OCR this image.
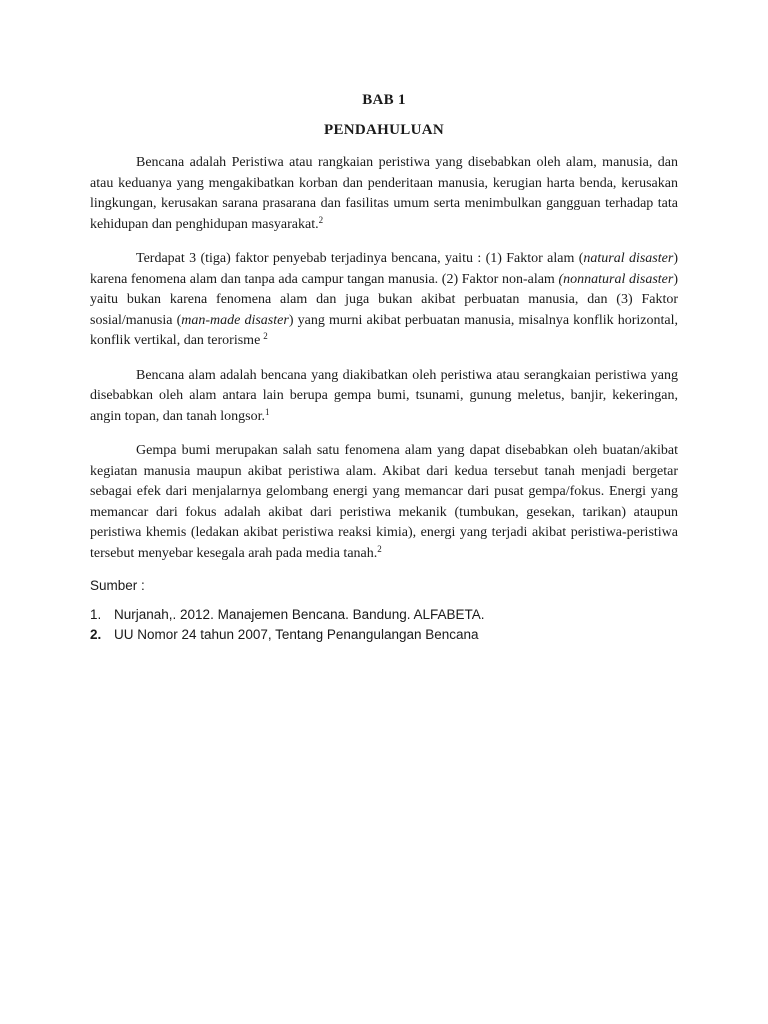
BAB 1
PENDAHULUAN

Bencana adalah Peristiwa atau rangkaian peristiwa yang disebabkan oleh alam, manusia, dan atau keduanya yang mengakibatkan korban dan penderitaan manusia, kerugian harta benda, kerusakan lingkungan, kerusakan sarana prasarana dan fasilitas umum serta menimbulkan gangguan terhadap tata kehidupan dan penghidupan masyarakat.$^2$

Terdapat 3 (tiga) faktor penyebab terjadinya bencana, yaitu : (1) Faktor alam (natural disaster) karena fenomena alam dan tanpa ada campur tangan manusia. (2) Faktor non-alam (nonnatural disaster) yaitu bukan karena fenomena alam dan juga bukan akibat perbuatan manusia, dan (3) Faktor sosial/manusia (man-made disaster) yang murni akibat perbuatan manusia, misalnya konflik horizontal, konflik vertikal, dan terorisme $^2$

Bencana alam adalah bencana yang diakibatkan oleh peristiwa atau serangkaian peristiwa yang disebabkan oleh alam antara lain berupa gempa bumi, tsunami, gunung meletus, banjir, kekeringan, angin topan, dan tanah longsor.$^1$

Gempa bumi merupakan salah satu fenomena alam yang dapat disebabkan oleh buatan/akibat kegiatan manusia maupun akibat peristiwa alam. Akibat dari kedua tersebut tanah menjadi bergetar sebagai efek dari menjalarnya gelombang energi yang memancar dari pusat gempa/fokus. Energi yang memancar dari fokus adalah akibat dari peristiwa mekanik (tumbukan, gesekan, tarikan) ataupun peristiwa khemis (ledakan akibat peristiwa reaksi kimia), energi yang terjadi akibat peristiwa-peristiwa tersebut menyebar kesegala arah pada media tanah.$^2$

Sumber :
1. Nurjanah,. 2012. Manajemen Bencana. Bandung. ALFABETA.
2. UU Nomor 24 tahun 2007, Tentang Penangulangan Bencana
